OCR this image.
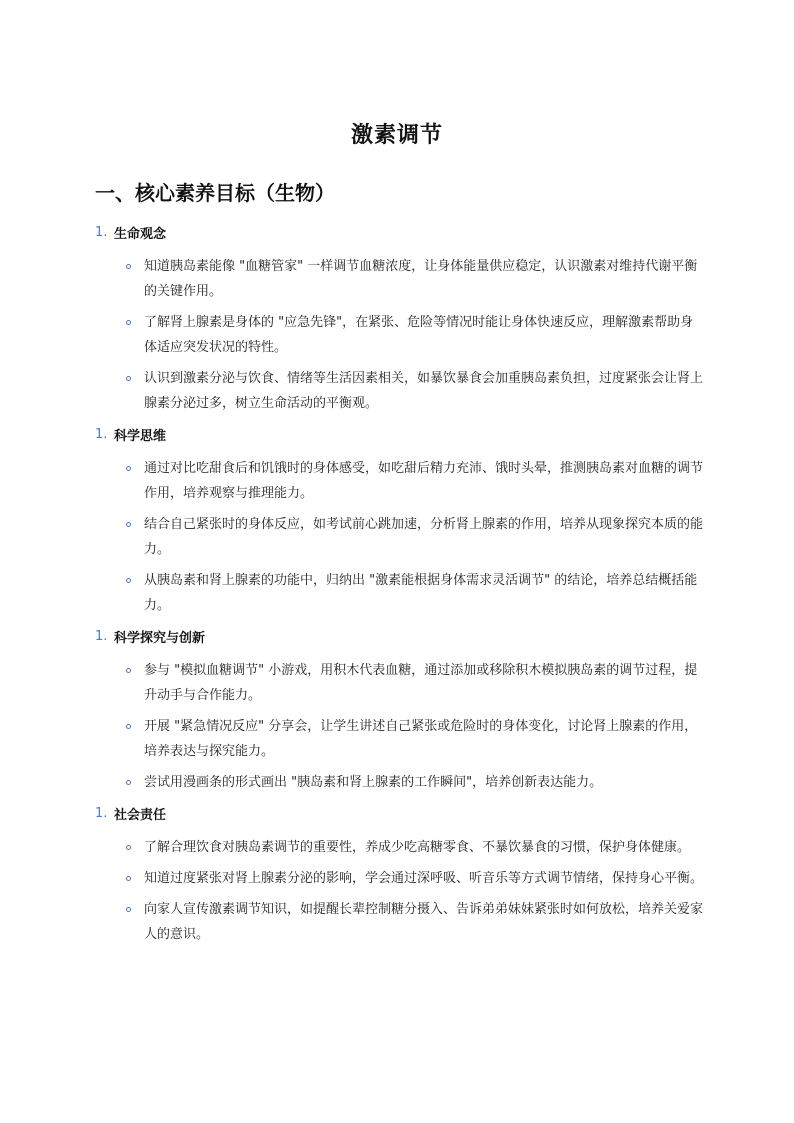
激素调节
一、核心素养目标（生物）
1. 生命观念
知道胰岛素能像 "血糖管家" 一样调节血糖浓度，让身体能量供应稳定，认识激素对维持代谢平衡的关键作用。
了解肾上腺素是身体的 "应急先锋"，在紧张、危险等情况时能让身体快速反应，理解激素帮助身体适应突发状况的特性。
认识到激素分泌与饮食、情绪等生活因素相关，如暴饮暴食会加重胰岛素负担，过度紧张会让肾上腺素分泌过多，树立生命活动的平衡观。
1. 科学思维
通过对比吃甜食后和饥饿时的身体感受，如吃甜后精力充沛、饿时头晕，推测胰岛素对血糖的调节作用，培养观察与推理能力。
结合自己紧张时的身体反应，如考试前心跳加速，分析肾上腺素的作用，培养从现象探究本质的能力。
从胰岛素和肾上腺素的功能中，归纳出 "激素能根据身体需求灵活调节" 的结论，培养总结概括能力。
1. 科学探究与创新
参与 "模拟血糖调节" 小游戏，用积木代表血糖，通过添加或移除积木模拟胰岛素的调节过程，提升动手与合作能力。
开展 "紧急情况反应" 分享会，让学生讲述自己紧张或危险时的身体变化，讨论肾上腺素的作用，培养表达与探究能力。
尝试用漫画条的形式画出 "胰岛素和肾上腺素的工作瞬间"，培养创新表达能力。
1. 社会责任
了解合理饮食对胰岛素调节的重要性，养成少吃高糖零食、不暴饮暴食的习惯，保护身体健康。
知道过度紧张对肾上腺素分泌的影响，学会通过深呼吸、听音乐等方式调节情绪，保持身心平衡。
向家人宣传激素调节知识，如提醒长辈控制糖分摄入、告诉弟弟妹妹紧张时如何放松，培养关爱家人的意识。
